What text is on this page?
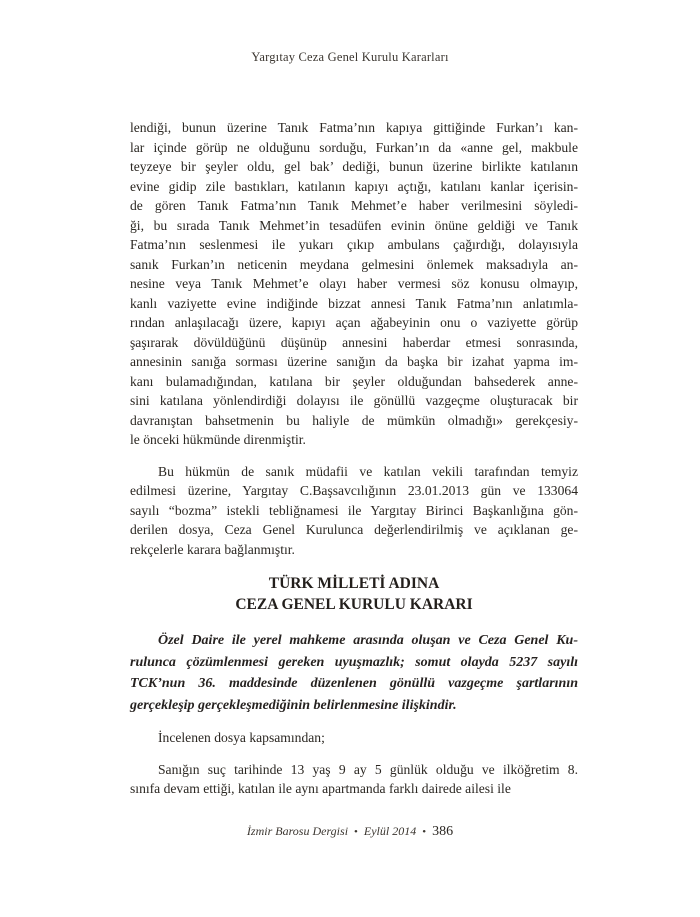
Yargıtay Ceza Genel Kurulu Kararları
lendiği, bunun üzerine Tanık Fatma’nın kapıya gittiğinde Furkan’ı kan-
lar içinde görüp ne olduğunu sorduğu, Furkan’ın da «anne gel, makbule
teyzeye bir şeyler oldu, gel bak’ dediği, bunun üzerine birlikte katılanın
evine gidip zile bastıkları, katılanın kapıyı açtığı, katılanı kanlar içerisin-
de gören Tanık Fatma’nın Tanık Mehmet’e haber verilmesini söyledi-
ği, bu sırada Tanık Mehmet’in tesadüfen evinin önüne geldiği ve Tanık
Fatma’nın seslenmesi ile yukarı çıkıp ambulans çağırdığı, dolayısıyla
sanık Furkan’ın neticenin meydana gelmesini önlemek maksadıyla an-
nesine veya Tanık Mehmet’e olayı haber vermesi söz konusu olmayıp,
kanlı vaziyette evine indiğinde bizzat annesi Tanık Fatma’nın anlatımla-
rından anlaşılacağı üzere, kapıyı açan ağabeyinin onu o vaziyette görüp
şaşırarak dövüldüğünü düşünüp annesini haberdar etmesi sonrasında,
annesinin sanığa sorması üzerine sanığın da başka bir izahat yapma im-
kanı bulamadığından, katılana bir şeyler olduğundan bahsederek anne-
sini katılana yönlendirdiği dolayısı ile gönüllü vazgeçme oluşturacak bir
davranıştan bahsetmenin bu haliyle de mümkün olmadığı» gerekçesiy-
le önceki hükmünde direnmiştir.
Bu hükmün de sanık müdafii ve katılan vekili tarafından temyiz
edilmesi üzerine, Yargıtay C.Başsavcılığının 23.01.2013 gün ve 133064
sayılı “bozma” istekli tebliğnamesi ile Yargıtay Birinci Başkanlığına gön-
derilen dosya, Ceza Genel Kurulunca değerlendirilmiş ve açıklanan ge-
rekçelerle karara bağlanmıştır.
TÜRK MİLLETİ ADINA
CEZA GENEL KURULU KARARI
Özel Daire ile yerel mahkeme arasında oluşan ve Ceza Genel Ku-
rulunca çözümlenmesi gereken uyuşmazlık; somut olayda 5237 sayılı
TCK’nun 36. maddesinde düzenlenen gönüllü vazgeçme şartlarının
gerçekleşip gerçekleşmediğinin belirlenmesine ilişkindir.
İncelenen dosya kapsamından;
Sanığın suç tarihinde 13 yaş 9 ay 5 günlük olduğu ve ilköğretim 8.
sınıfa devam ettiği, katılan ile aynı apartmanda farklı dairede ailesi ile
İzmir Barosu Dergisi • Eylül 2014 • 386
